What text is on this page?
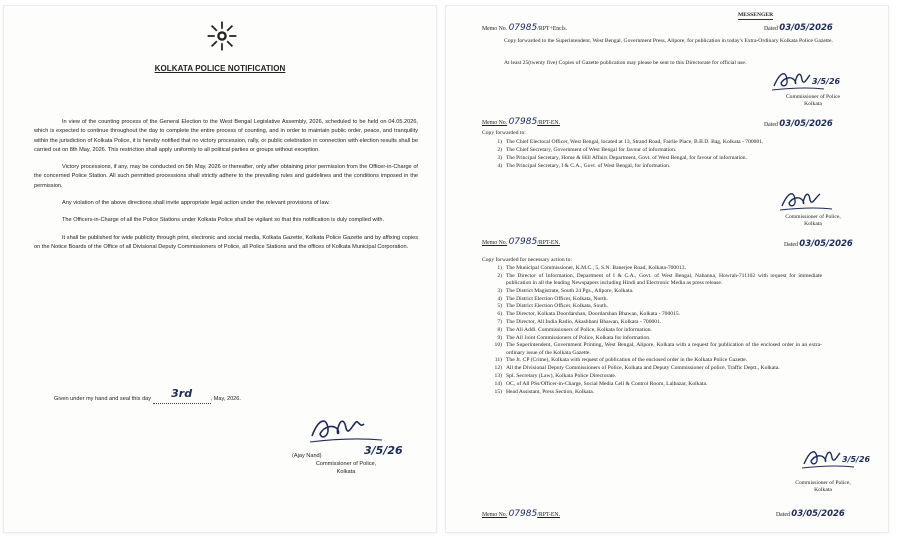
KOLKATA POLICE NOTIFICATION

In view of the counting process of the General Election to the West Bengal Legislative Assembly, 2026, scheduled to be held on 04.05.2026, which is expected to continue throughout the day to complete the entire process of counting, and in order to maintain public order, peace, and tranquility within the jurisdiction of Kolkata Police, it is hereby notified that no victory procession, rally, or public celebration in connection with election results shall be carried out on 8th May, 2026. This restriction shall apply uniformly to all political parties or groups without exception.

Victory processions, if any, may be conducted on 5th May, 2026 or thereafter, only after obtaining prior permission from the Officer-in-Charge of the concerned Police Station. All such permitted processions shall strictly adhere to the prevailing rules and guidelines and the conditions imposed in the permission.

Any violation of the above directions shall invite appropriate legal action under the relevant provisions of law.

The Officers-in-Charge of all the Police Stations under Kolkata Police shall be vigilant so that this notification is duly complied with.

It shall be published for wide publicity through print, electronic and social media, Kolkata Gazette, Kolkata Police Gazette and by affixing copies on the Notice Boards of the Office of all Divisional Deputy Commissioners of Police, all Police Stations and the offices of Kolkata Municipal Corporation.

Given under my hand and seal this day 3rd	, May, 2026.
3/5/26
(Ajay Nand)
Commissioner of Police,
Kolkata
MESSENGER
Memo No. 07985/RPT+Encls.	Dated 03/05/2026
Copy forwarded to the Superintendent, West Bengal, Government Press, Alipore, for publication in today's Extra-Ordinary Kolkata Police Gazette.
At least 25(twenty five) Copies of Gazette publication may please be sent to this Directorate for official use.
3/5/26
Commissioner of Police
Kolkata
Memo No. 07985/RPT-EN.	Dated 03/05/2026
Copy forwarded to:
1) The Chief Electoral Officer, West Bengal, located at 13, Strand Road, Fairlie Place, B.B.D. Bag, Kolkata - 700001.
2) The Chief Secretary, Government of West Bengal for favour of information.
3) The Principal Secretary, Home & Hill Affairs Department, Govt. of West Bengal, for favour of information.
4) The Principal Secretary, I & C.A., Govt. of West Bengal, for information.
Commissioner of Police,
Kolkata
Memo No. 07985/RPT-EN.	Dated 03/05/2026
Copy forwarded for necessary action to:
1) The Municipal Commissioner, K.M.C., 5, S.N. Banerjee Road, Kolkata-700013.
2) The Director of Information, Department of I & C.A., Govt. of West Bengal, Nabanna, Howrah-711102 with request for immediate publication in all the leading Newspapers including Hindi and Electronic Media as press release.
3) The District Magistrate, South 24 Pgs., Alipore, Kolkata.
4) The District Election Officer, Kolkata, North.
5) The District Election Officer, Kolkata, South.
6) The Director, Kolkata Doordarshan, Doordarshan Bhawan, Kolkata - 700015.
7) The Director, All India Radio, Akashbani Bhawan, Kolkata - 700001.
8) The All Addl. Commissioners of Police, Kolkata for information.
9) The All Joint Commissioners of Police, Kolkata for information.
10) The Superintendent, Government Printing, West Bengal, Alipore, Kolkata with a request for publication of the enclosed order in an extra-ordinary issue of the Kolkata Gazette.
11) The Jt. CP (Crime), Kolkata with request of publication of the enclosed order in the Kolkata Police Gazette.
12) All the Divisional Deputy Commissioners of Police, Kolkata and Deputy Commissioner of police, Traffic Deptt., Kolkata.
13) Spl. Secretary (Law), Kolkata Police Directorate.
14) OC, of All PSs/Officer-in-Charge, Social Media Cell & Control Room, Lalbazar, Kolkata.
15) Head Assistant, Press Section, Kolkata.
3/5/26
Commissioner of Police,
Kolkata
Memo No. 07985/RPT-EN.	Dated 03/05/2026
